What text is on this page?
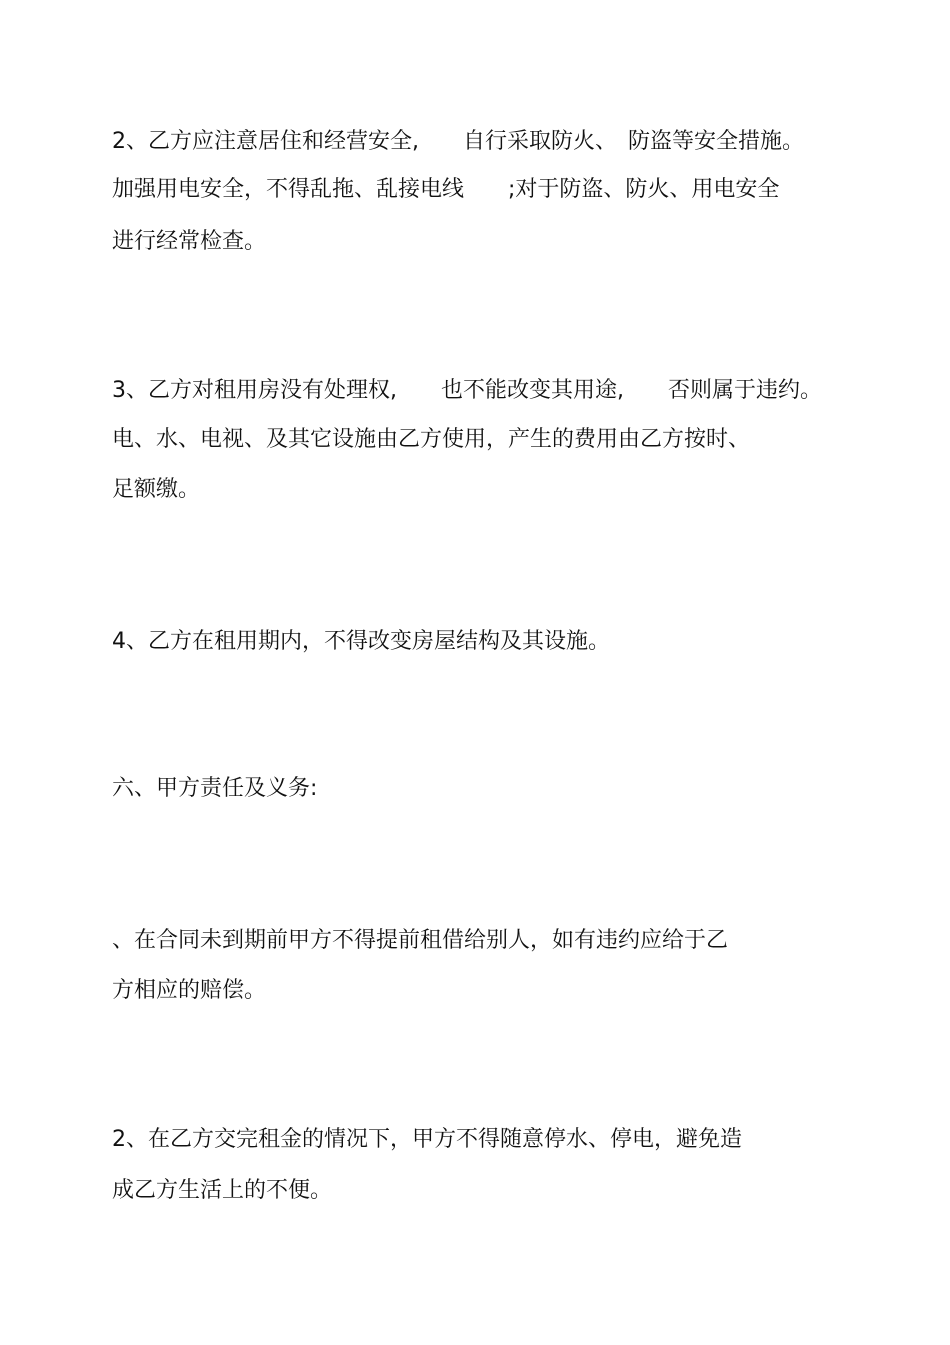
2、乙方应注意居住和经营安全,　　自行采取防火、　防盗等安全措施。
加强用电安全，不得乱拖、乱接电线　　;对于防盗、防火、用电安全
进行经常检查。
3、乙方对租用房没有处理权,　　也不能改变其用途,　　否则属于违约。
电、水、电视、及其它设施由乙方使用，产生的费用由乙方按时、
足额缴。
4、乙方在租用期内，不得改变房屋结构及其设施。
六、甲方责任及义务:
、在合同未到期前甲方不得提前租借给别人，如有违约应给于乙
方相应的赔偿。
2、在乙方交完租金的情况下，甲方不得随意停水、停电，避免造
成乙方生活上的不便。
